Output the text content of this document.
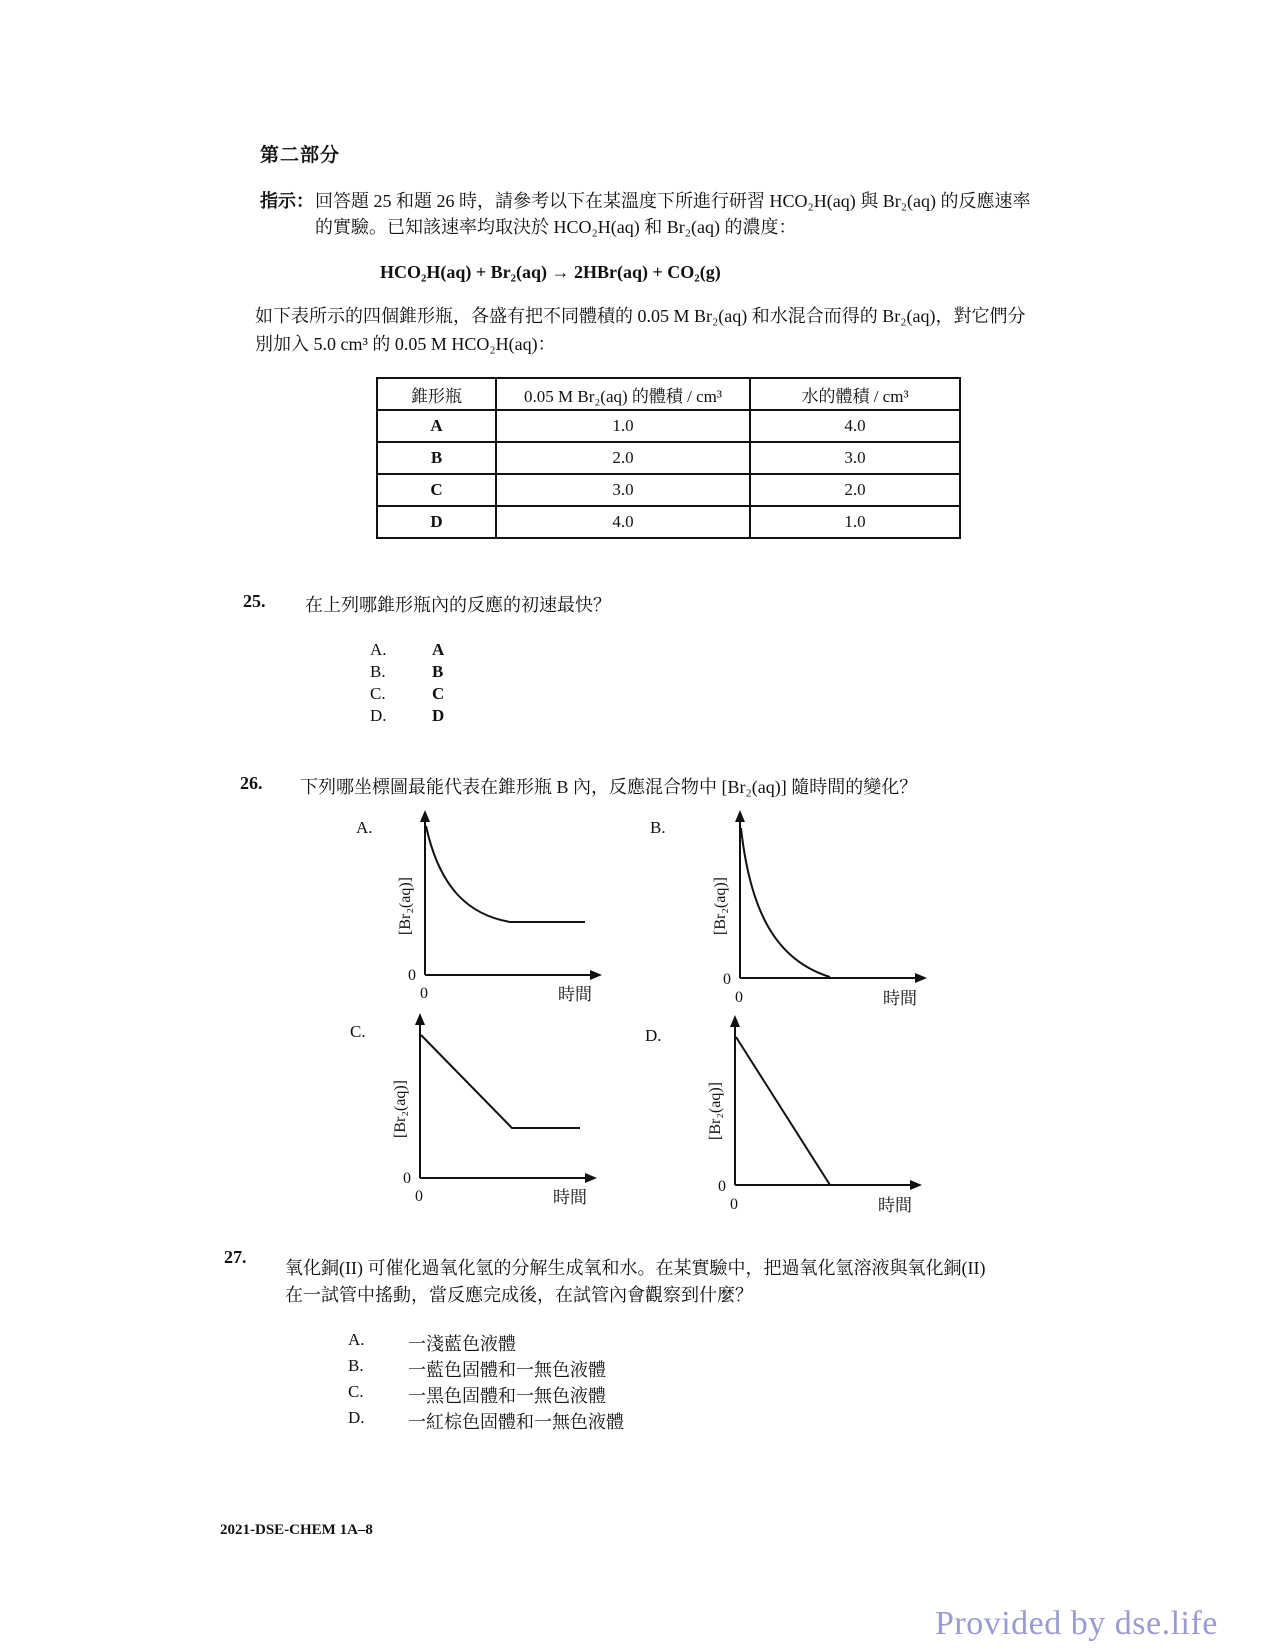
第二部分
指示： 回答題 25 和題 26 時，請參考以下在某溫度下所進行研習 HCO₂H(aq) 與 Br₂(aq) 的反應速率
的實驗。已知該速率均取決於 HCO₂H(aq) 和 Br₂(aq) 的濃度：
HCO₂H(aq) + Br₂(aq) → 2HBr(aq) + CO₂(g)
如下表所示的四個錐形瓶，各盛有把不同體積的 0.05 M Br₂(aq) 和水混合而得的 Br₂(aq)，對它們分
別加入 5.0 cm³ 的 0.05 M HCO₂H(aq)：
錐形瓶	0.05 M Br₂(aq) 的體積 / cm³	水的體積 / cm³
A	1.0	4.0
B	2.0	3.0
C	3.0	2.0
D	4.0	1.0
25. 在上列哪錐形瓶內的反應的初速最快？
A.	A
B.	B
C.	C
D.	D
26. 下列哪坐標圖最能代表在錐形瓶 B 內，反應混合物中 [Br₂(aq)] 隨時間的變化？
A.
0
0	時間
[Br₂(aq)]
B.
0
0	時間
[Br₂(aq)]
C.
0
0	時間
[Br₂(aq)]
D.
0
0	時間
[Br₂(aq)]
27.
氧化銅(II) 可催化過氧化氫的分解生成氧和水。在某實驗中，把過氧化氫溶液與氧化銅(II)
在一試管中搖動，當反應完成後，在試管內會觀察到什麼？
A. 一淺藍色液體
B. 一藍色固體和一無色液體
C. 一黑色固體和一無色液體
D. 一紅棕色固體和一無色液體
2021-DSE-CHEM 1A–8
Provided by dse.life
